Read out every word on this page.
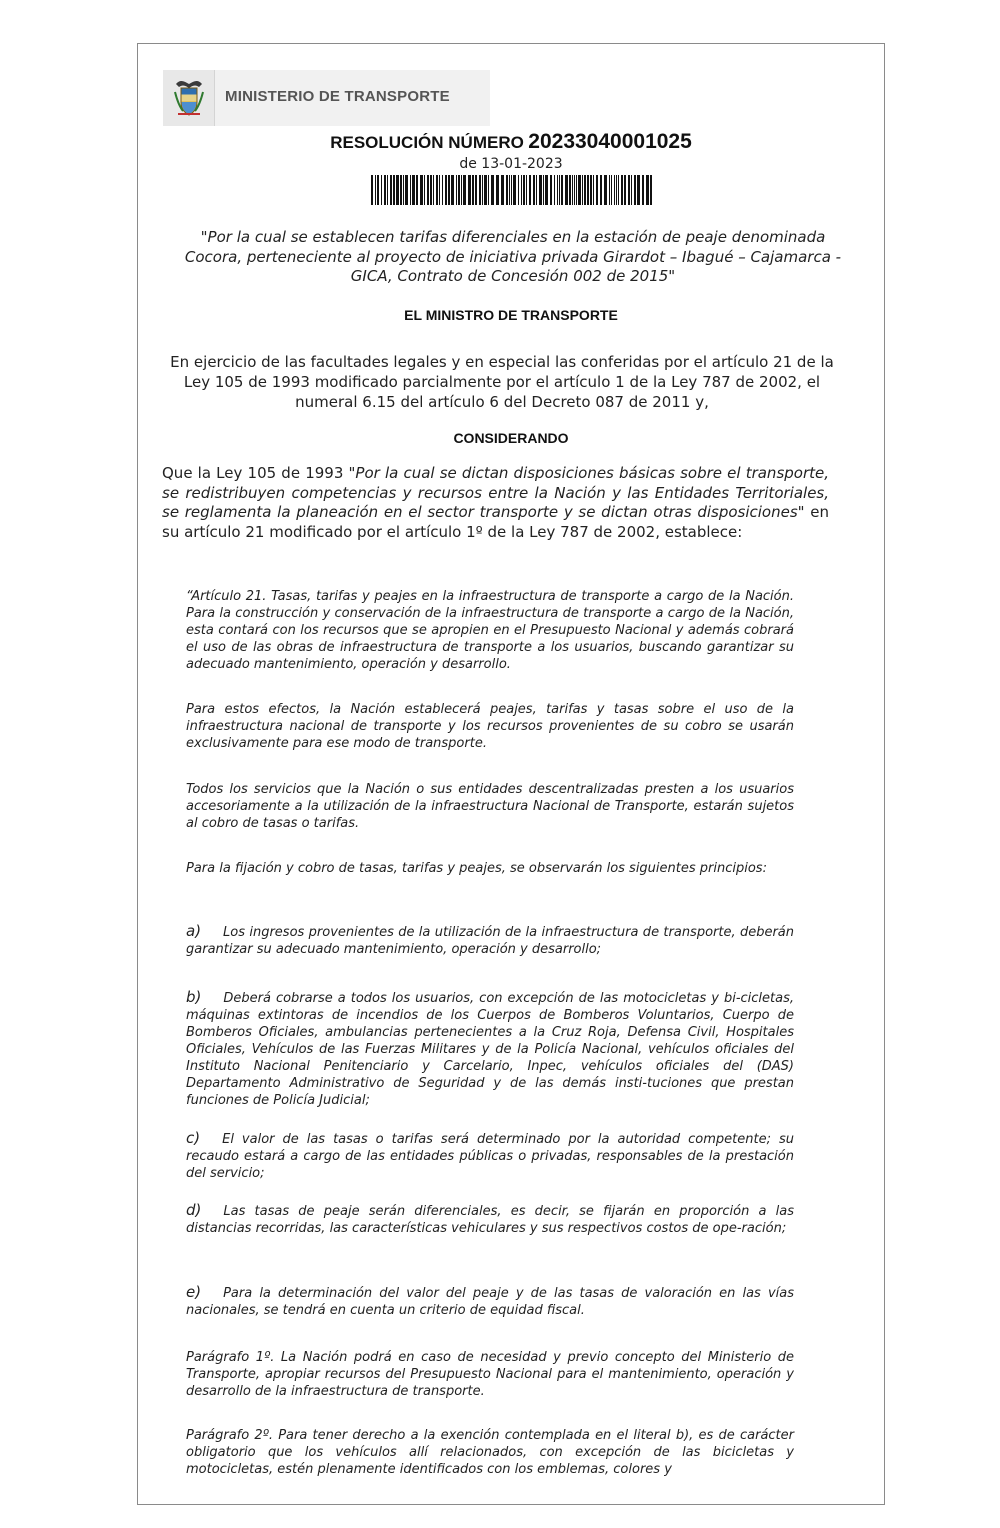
MINISTERIO DE TRANSPORTE
RESOLUCIÓN NÚMERO 20233040001025
de 13-01-2023
"Por la cual se establecen tarifas diferenciales en la estación de peaje denominada Cocora, perteneciente al proyecto de iniciativa privada Girardot – Ibagué – Cajamarca - GICA, Contrato de Concesión 002 de 2015"
EL MINISTRO DE TRANSPORTE
En ejercicio de las facultades legales y en especial las conferidas por el artículo 21 de la Ley 105 de 1993 modificado parcialmente por el artículo 1 de la Ley 787 de 2002, el numeral 6.15 del artículo 6 del Decreto 087 de 2011 y,
CONSIDERANDO
Que la Ley 105 de 1993 "Por la cual se dictan disposiciones básicas sobre el transporte, se redistribuyen competencias y recursos entre la Nación y las Entidades Territoriales, se reglamenta la planeación en el sector transporte y se dictan otras disposiciones" en su artículo 21 modificado por el artículo 1º de la Ley 787 de 2002, establece:

“Artículo 21. Tasas, tarifas y peajes en la infraestructura de transporte a cargo de la Nación. Para la construcción y conservación de la infraestructura de transporte a cargo de la Nación, esta contará con los recursos que se apropien en el Presupuesto Nacional y además cobrará el uso de las obras de infraestructura de transporte a los usuarios, buscando garantizar su adecuado mantenimiento, operación y desarrollo.

Para estos efectos, la Nación establecerá peajes, tarifas y tasas sobre el uso de la infraestructura nacional de transporte y los recursos provenientes de su cobro se usarán exclusivamente para ese modo de transporte.

Todos los servicios que la Nación o sus entidades descentralizadas presten a los usuarios accesoriamente a la utilización de la infraestructura Nacional de Transporte, estarán sujetos al cobro de tasas o tarifas.

Para la fijación y cobro de tasas, tarifas y peajes, se observarán los siguientes principios:

a) Los ingresos provenientes de la utilización de la infraestructura de transporte, deberán garantizar su adecuado mantenimiento, operación y desarrollo;

b) Deberá cobrarse a todos los usuarios, con excepción de las motocicletas y bi-cicletas, máquinas extintoras de incendios de los Cuerpos de Bomberos Voluntarios, Cuerpo de Bomberos Oficiales, ambulancias pertenecientes a la Cruz Roja, Defensa Civil, Hospitales Oficiales, Vehículos de las Fuerzas Militares y de la Policía Nacional, vehículos oficiales del Instituto Nacional Penitenciario y Carcelario, Inpec, vehículos oficiales del (DAS) Departamento Administrativo de Seguridad y de las demás insti-tuciones que prestan funciones de Policía Judicial;

c) El valor de las tasas o tarifas será determinado por la autoridad competente; su recaudo estará a cargo de las entidades públicas o privadas, responsables de la prestación del servicio;

d) Las tasas de peaje serán diferenciales, es decir, se fijarán en proporción a las distancias recorridas, las características vehiculares y sus respectivos costos de ope-ración;

e) Para la determinación del valor del peaje y de las tasas de valoración en las vías nacionales, se tendrá en cuenta un criterio de equidad fiscal.

Parágrafo 1º. La Nación podrá en caso de necesidad y previo concepto del Ministerio de Transporte, apropiar recursos del Presupuesto Nacional para el mantenimiento, operación y desarrollo de la infraestructura de transporte.

Parágrafo 2º. Para tener derecho a la exención contemplada en el literal b), es de carácter obligatorio que los vehículos allí relacionados, con excepción de las bicicletas y motocicletas, estén plenamente identificados con los emblemas, colores y
